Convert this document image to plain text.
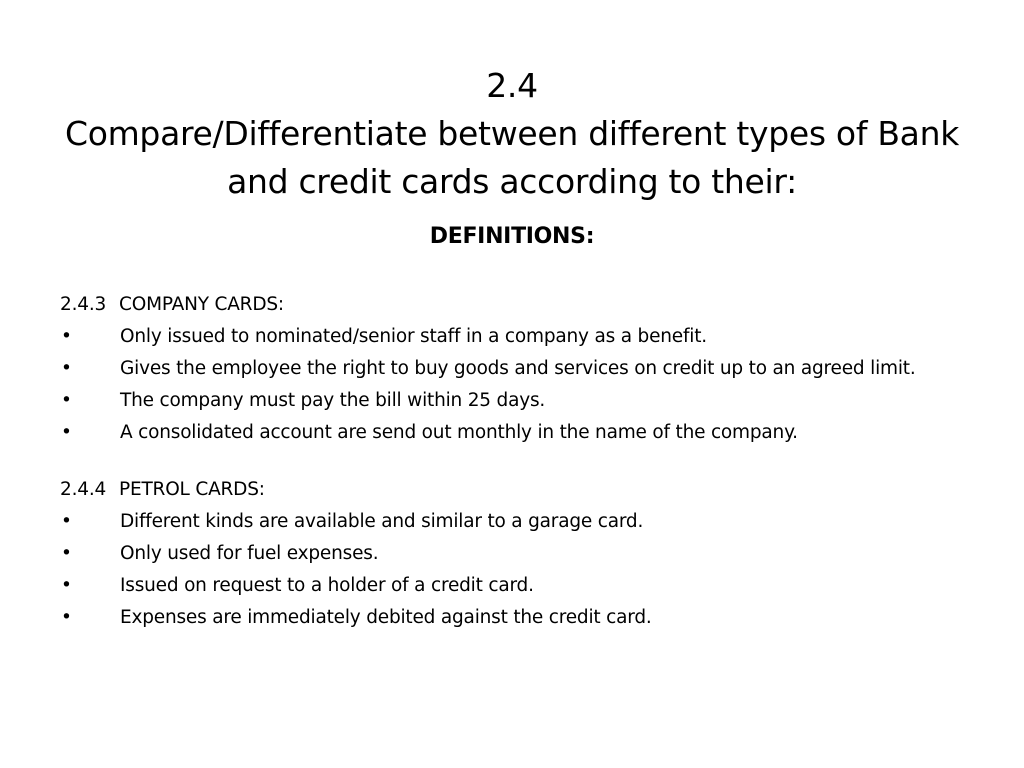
2.4
Compare/Differentiate between different types of Bank
and credit cards according to their:
DEFINITIONS:
2.4.3 COMPANY CARDS:
•	Only issued to nominated/senior staff in a company as a benefit.
•	Gives the employee the right to buy goods and services on credit up to an agreed limit.
•	The company must pay the bill within 25 days.
•	A consolidated account are send out monthly in the name of the company.
2.4.4 PETROL CARDS:
•	Different kinds are available and similar to a garage card.
•	Only used for fuel expenses.
•	Issued on request to a holder of a credit card.
•	Expenses are immediately debited against the credit card.
